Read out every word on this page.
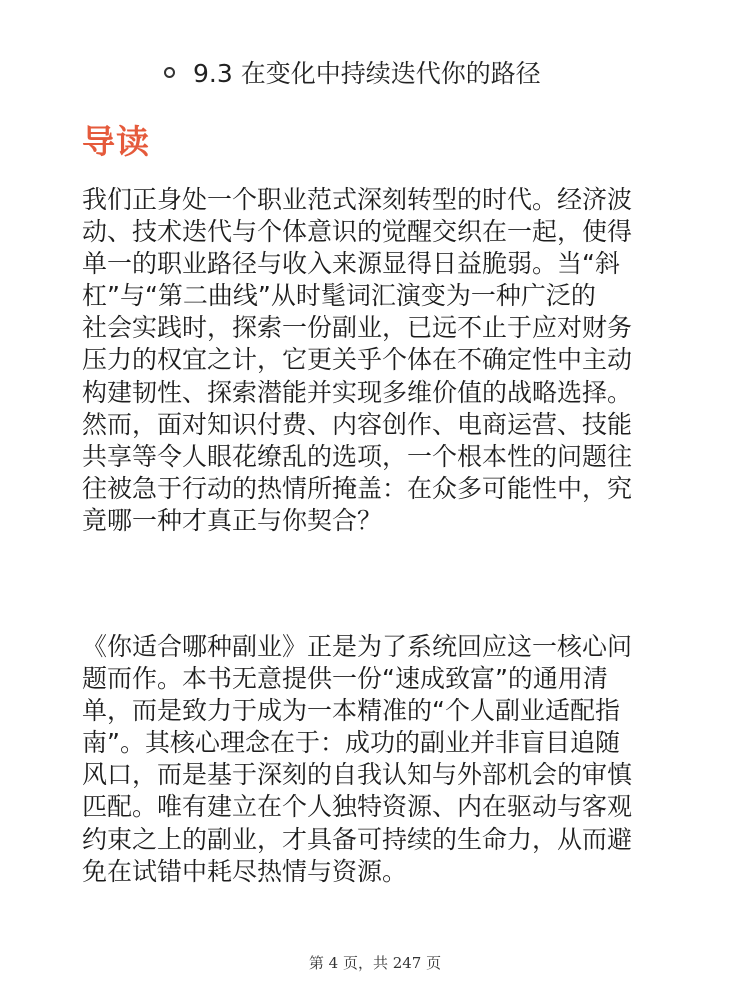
9.3 在变化中持续迭代你的路径
导读

我们正身处一个职业范式深刻转型的时代。经济波
动、技术迭代与个体意识的觉醒交织在一起，使得
单一的职业路径与收入来源显得日益脆弱。当“斜
杠”与“第二曲线”从时髦词汇演变为一种广泛的
社会实践时，探索一份副业，已远不止于应对财务
压力的权宜之计，它更关乎个体在不确定性中主动
构建韧性、探索潜能并实现多维价值的战略选择。
然而，面对知识付费、内容创作、电商运营、技能
共享等令人眼花缭乱的选项，一个根本性的问题往
往被急于行动的热情所掩盖：在众多可能性中，究
竟哪一种才真正与你契合？

《你适合哪种副业》正是为了系统回应这一核心问
题而作。本书无意提供一份“速成致富”的通用清
单，而是致力于成为一本精准的“个人副业适配指
南”。其核心理念在于：成功的副业并非盲目追随
风口，而是基于深刻的自我认知与外部机会的审慎
匹配。唯有建立在个人独特资源、内在驱动与客观
约束之上的副业，才具备可持续的生命力，从而避
免在试错中耗尽热情与资源。

第 4 页，共 247 页
